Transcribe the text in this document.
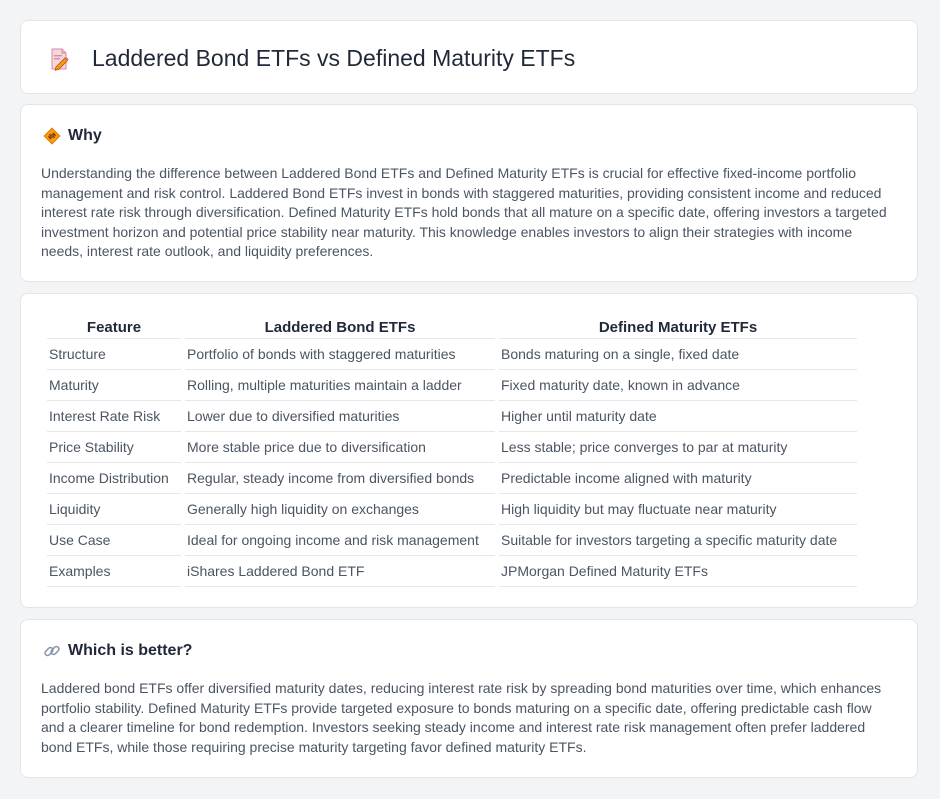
Laddered Bond ETFs vs Defined Maturity ETFs
Why

Understanding the difference between Laddered Bond ETFs and Defined Maturity ETFs is crucial for effective fixed-income portfolio management and risk control. Laddered Bond ETFs invest in bonds with staggered maturities, providing consistent income and reduced interest rate risk through diversification. Defined Maturity ETFs hold bonds that all mature on a specific date, offering investors a targeted investment horizon and potential price stability near maturity. This knowledge enables investors to align their strategies with income needs, interest rate outlook, and liquidity preferences.

Feature	Laddered Bond ETFs	Defined Maturity ETFs
Structure	Portfolio of bonds with staggered maturities	Bonds maturing on a single, fixed date
Maturity	Rolling, multiple maturities maintain a ladder	Fixed maturity date, known in advance
Interest Rate Risk	Lower due to diversified maturities	Higher until maturity date
Price Stability	More stable price due to diversification	Less stable; price converges to par at maturity
Income Distribution	Regular, steady income from diversified bonds	Predictable income aligned with maturity
Liquidity	Generally high liquidity on exchanges	High liquidity but may fluctuate near maturity
Use Case	Ideal for ongoing income and risk management	Suitable for investors targeting a specific maturity date
Examples	iShares Laddered Bond ETF	JPMorgan Defined Maturity ETFs
Which is better?

Laddered bond ETFs offer diversified maturity dates, reducing interest rate risk by spreading bond maturities over time, which enhances portfolio stability. Defined Maturity ETFs provide targeted exposure to bonds maturing on a specific date, offering predictable cash flow and a clearer timeline for bond redemption. Investors seeking steady income and interest rate risk management often prefer laddered bond ETFs, while those requiring precise maturity targeting favor defined maturity ETFs.
